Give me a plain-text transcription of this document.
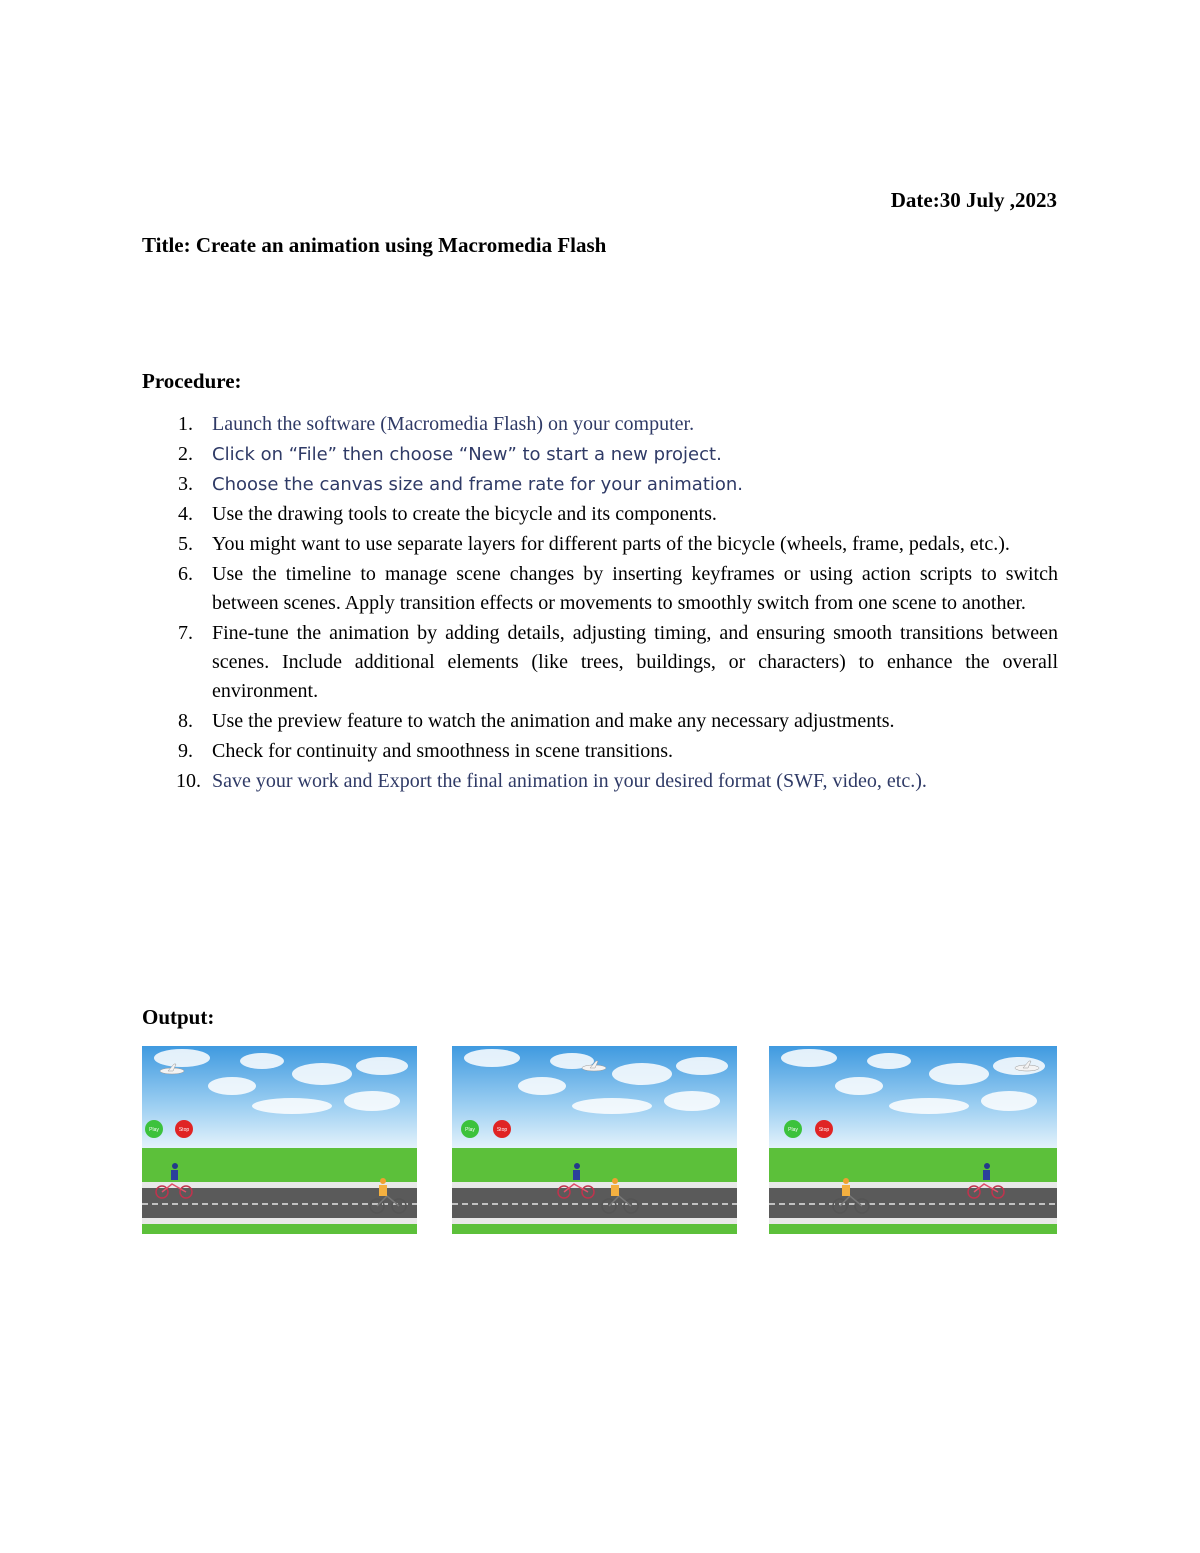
Date:30 July ,2023
Title: Create an animation using Macromedia Flash
Procedure:
1. Launch the software (Macromedia Flash) on your computer.
2.	Click on “File” then choose “New” to start a new project.
3.	Choose the canvas size and frame rate for your animation.
4. Use the drawing tools to create the bicycle and its components.
5. You might want to use separate layers for different parts of the bicycle (wheels, frame, pedals, etc.).
6. Use the timeline to manage scene changes by inserting keyframes or using action scripts to switch between scenes. Apply transition effects or movements to smoothly switch from one scene to another.
7. Fine-tune the animation by adding details, adjusting timing, and ensuring smooth transitions between scenes. Include additional elements (like trees, buildings, or characters) to enhance the overall environment.
8. Use the preview feature to watch the animation and make any necessary adjustments.
9. Check for continuity and smoothness in scene transitions.
10. Save your work and Export the final animation in your desired format (SWF, video, etc.).
Output:
Play	Stop	Play	Stop	Play	Stop
